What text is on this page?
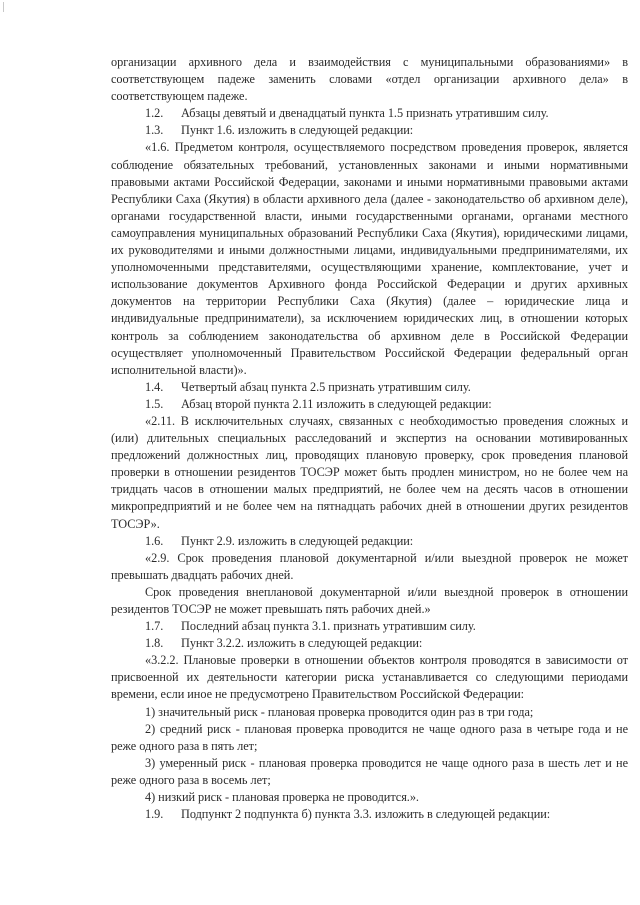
организации архивного дела и взаимодействия с муниципальными образованиями» в соответствующем падеже заменить словами «отдел организации архивного дела» в соответствующем падеже.

1.2. Абзацы девятый и двенадцатый пункта 1.5 признать утратившим силу.

1.3. Пункт 1.6. изложить в следующей редакции:

«1.6. Предметом контроля, осуществляемого посредством проведения проверок, является соблюдение обязательных требований, установленных законами и иными нормативными правовыми актами Российской Федерации, законами и иными нормативными правовыми актами Республики Саха (Якутия) в области архивного дела (далее - законодательство об архивном деле), органами государственной власти, иными государственными органами, органами местного самоуправления муниципальных образований Республики Саха (Якутия), юридическими лицами, их руководителями и иными должностными лицами, индивидуальными предпринимателями, их уполномоченными представителями, осуществляющими хранение, комплектование, учет и использование документов Архивного фонда Российской Федерации и других архивных документов на территории Республики Саха (Якутия) (далее – юридические лица и индивидуальные предприниматели), за исключением юридических лиц, в отношении которых контроль за соблюдением законодательства об архивном деле в Российской Федерации осуществляет уполномоченный Правительством Российской Федерации федеральный орган исполнительной власти)».

1.4. Четвертый абзац пункта 2.5 признать утратившим силу.

1.5. Абзац второй пункта 2.11 изложить в следующей редакции:

«2.11. В исключительных случаях, связанных с необходимостью проведения сложных и (или) длительных специальных расследований и экспертиз на основании мотивированных предложений должностных лиц, проводящих плановую проверку, срок проведения плановой проверки в отношении резидентов ТОСЭР может быть продлен министром, но не более чем на тридцать часов в отношении малых предприятий, не более чем на десять часов в отношении микропредприятий и не более чем на пятнадцать рабочих дней в отношении других резидентов ТОСЭР».

1.6. Пункт 2.9. изложить в следующей редакции:

«2.9. Срок проведения плановой документарной и/или выездной проверок не может превышать двадцать рабочих дней.

Срок проведения внеплановой документарной и/или выездной проверок в отношении резидентов ТОСЭР не может превышать пять рабочих дней.»

1.7. Последний абзац пункта 3.1. признать утратившим силу.

1.8. Пункт 3.2.2. изложить в следующей редакции:

«3.2.2. Плановые проверки в отношении объектов контроля проводятся в зависимости от присвоенной их деятельности категории риска устанавливается со следующими периодами времени, если иное не предусмотрено Правительством Российской Федерации:

1) значительный риск - плановая проверка проводится один раз в три года;

2) средний риск - плановая проверка проводится не чаще одного раза в четыре года и не реже одного раза в пять лет;

3) умеренный риск - плановая проверка проводится не чаще одного раза в шесть лет и не реже одного раза в восемь лет;

4) низкий риск - плановая проверка не проводится.».

1.9. Подпункт 2 подпункта б) пункта 3.3. изложить в следующей редакции:
